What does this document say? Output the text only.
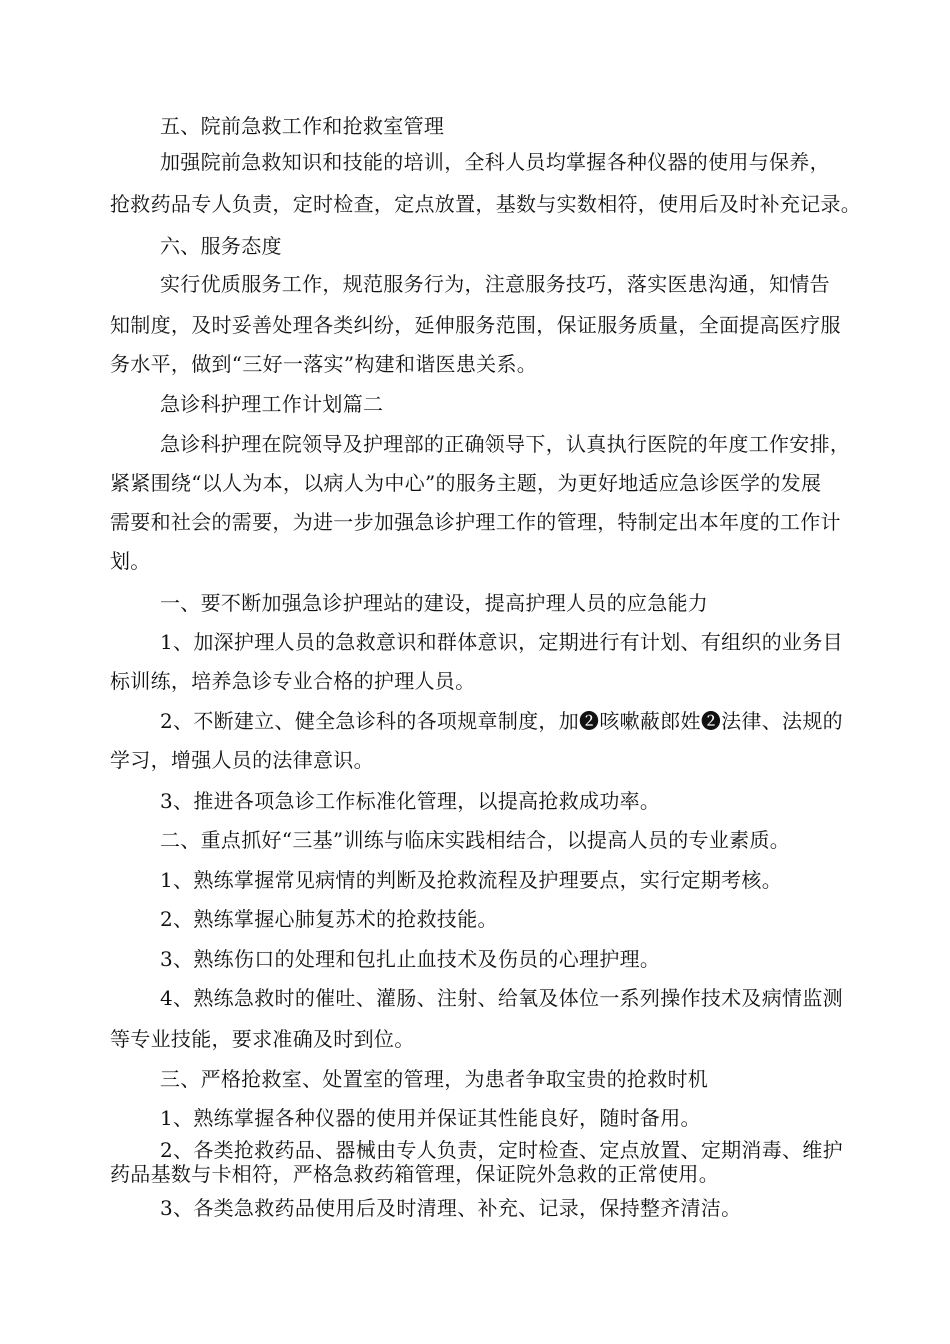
五、院前急救工作和抢救室管理
加强院前急救知识和技能的培训，全科人员均掌握各种仪器的使用与保养，
抢救药品专人负责，定时检查，定点放置，基数与实数相符，使用后及时补充记录。
六、服务态度
实行优质服务工作，规范服务行为，注意服务技巧，落实医患沟通，知情告
知制度，及时妥善处理各类纠纷，延伸服务范围，保证服务质量，全面提高医疗服
务水平，做到“三好一落实”构建和谐医患关系。
急诊科护理工作计划篇二
急诊科护理在院领导及护理部的正确领导下，认真执行医院的年度工作安排，
紧紧围绕“以人为本，以病人为中心”的服务主题，为更好地适应急诊医学的发展
需要和社会的需要，为进一步加强急诊护理工作的管理，特制定出本年度的工作计
划。
一、要不断加强急诊护理站的建设，提高护理人员的应急能力
1、加深护理人员的急救意识和群体意识，定期进行有计划、有组织的业务目
标训练，培养急诊专业合格的护理人员。
2、不断建立、健全急诊科的各项规章制度，加❷咳嗽蔽郎姓❷法律、法规的
学习，增强人员的法律意识。
3、推进各项急诊工作标准化管理，以提高抢救成功率。
二、重点抓好“三基”训练与临床实践相结合，以提高人员的专业素质。
1、熟练掌握常见病情的判断及抢救流程及护理要点，实行定期考核。
2、熟练掌握心肺复苏术的抢救技能。
3、熟练伤口的处理和包扎止血技术及伤员的心理护理。
4、熟练急救时的催吐、灌肠、注射、给氧及体位一系列操作技术及病情监测
等专业技能，要求准确及时到位。
三、严格抢救室、处置室的管理，为患者争取宝贵的抢救时机
1、熟练掌握各种仪器的使用并保证其性能良好，随时备用。
2、各类抢救药品、器械由专人负责，定时检查、定点放置、定期消毒、维护
药品基数与卡相符，严格急救药箱管理，保证院外急救的正常使用。
3、各类急救药品使用后及时清理、补充、记录，保持整齐清洁。
